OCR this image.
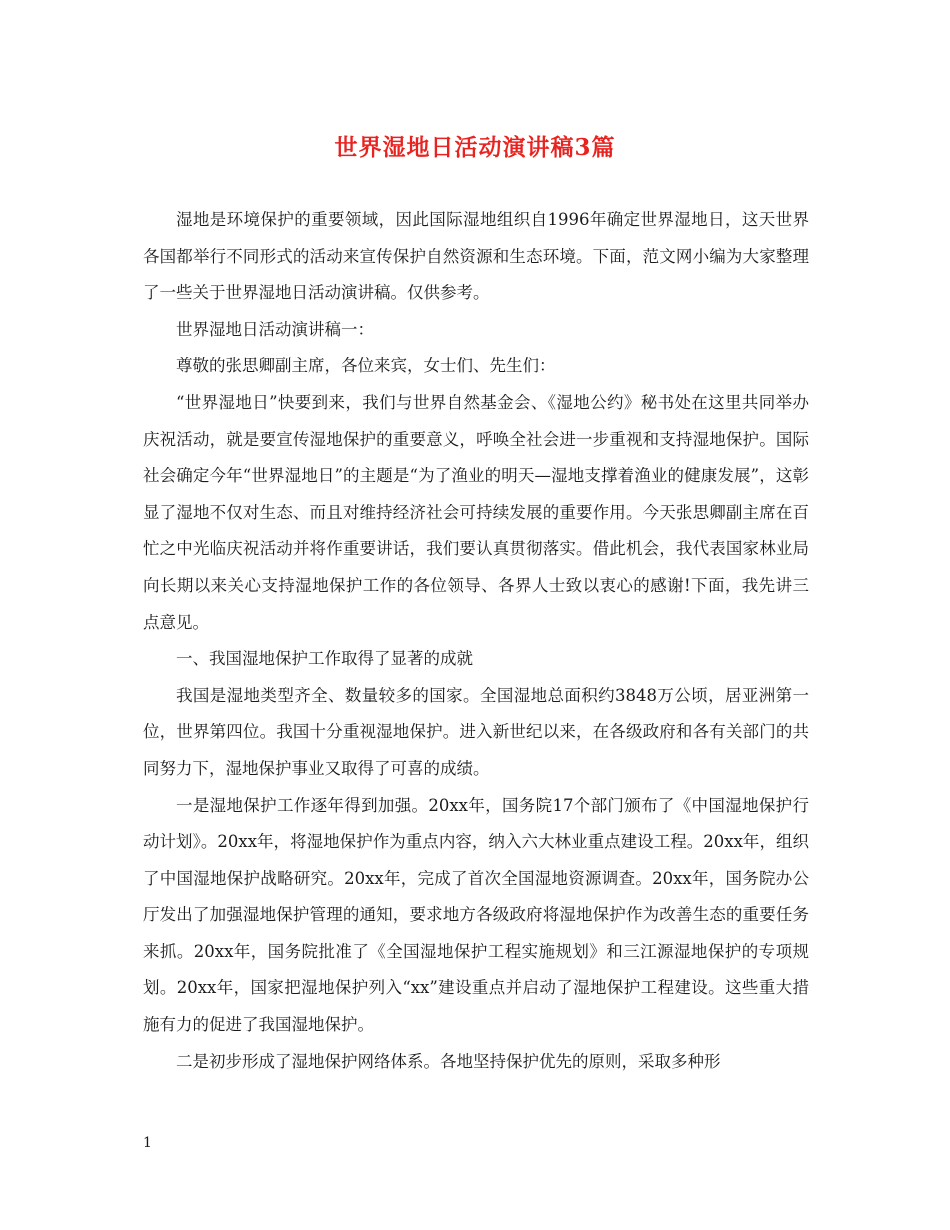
世界湿地日活动演讲稿3篇

湿地是环境保护的重要领域，因此国际湿地组织自1996年确定世界湿地日，这天世界各国都举行不同形式的活动来宣传保护自然资源和生态环境。下面，范文网小编为大家整理了一些关于世界湿地日活动演讲稿。仅供参考。

世界湿地日活动演讲稿一：

尊敬的张思卿副主席，各位来宾，女士们、先生们：

“世界湿地日”快要到来，我们与世界自然基金会、《湿地公约》秘书处在这里共同举办庆祝活动，就是要宣传湿地保护的重要意义，呼唤全社会进一步重视和支持湿地保护。国际社会确定今年“世界湿地日”的主题是“为了渔业的明天—湿地支撑着渔业的健康发展”，这彰显了湿地不仅对生态、而且对维持经济社会可持续发展的重要作用。今天张思卿副主席在百忙之中光临庆祝活动并将作重要讲话，我们要认真贯彻落实。借此机会，我代表国家林业局向长期以来关心支持湿地保护工作的各位领导、各界人士致以衷心的感谢!下面，我先讲三点意见。

一、我国湿地保护工作取得了显著的成就

我国是湿地类型齐全、数量较多的国家。全国湿地总面积约3848万公顷，居亚洲第一位，世界第四位。我国十分重视湿地保护。进入新世纪以来，在各级政府和各有关部门的共同努力下，湿地保护事业又取得了可喜的成绩。

一是湿地保护工作逐年得到加强。20xx年，国务院17个部门颁布了《中国湿地保护行动计划》。20xx年，将湿地保护作为重点内容，纳入六大林业重点建设工程。20xx年，组织了中国湿地保护战略研究。20xx年，完成了首次全国湿地资源调查。20xx年，国务院办公厅发出了加强湿地保护管理的通知，要求地方各级政府将湿地保护作为改善生态的重要任务来抓。20xx年，国务院批准了《全国湿地保护工程实施规划》和三江源湿地保护的专项规划。20xx年，国家把湿地保护列入“xx”建设重点并启动了湿地保护工程建设。这些重大措施有力的促进了我国湿地保护。

二是初步形成了湿地保护网络体系。各地坚持保护优先的原则，采取多种形

1
